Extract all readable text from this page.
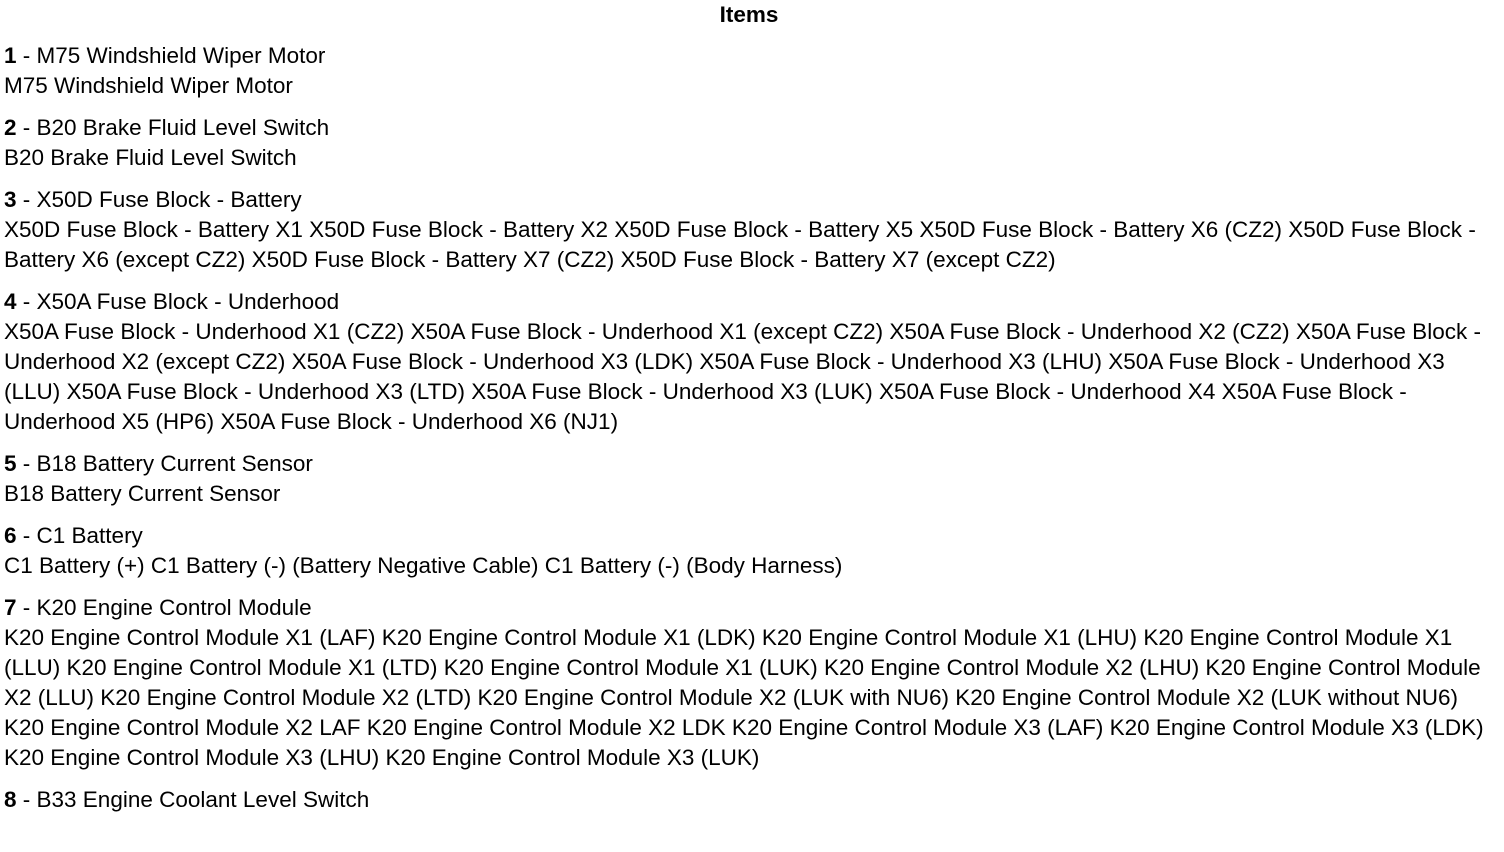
Items
1 - M75 Windshield Wiper Motor
M75 Windshield Wiper Motor
2 - B20 Brake Fluid Level Switch
B20 Brake Fluid Level Switch
3 - X50D Fuse Block - Battery
X50D Fuse Block - Battery X1 X50D Fuse Block - Battery X2 X50D Fuse Block - Battery X5 X50D Fuse Block - Battery X6 (CZ2) X50D Fuse Block - Battery X6 (except CZ2) X50D Fuse Block - Battery X7 (CZ2) X50D Fuse Block - Battery X7 (except CZ2)
4 - X50A Fuse Block - Underhood
X50A Fuse Block - Underhood X1 (CZ2) X50A Fuse Block - Underhood X1 (except CZ2) X50A Fuse Block - Underhood X2 (CZ2) X50A Fuse Block - Underhood X2 (except CZ2) X50A Fuse Block - Underhood X3 (LDK) X50A Fuse Block - Underhood X3 (LHU) X50A Fuse Block - Underhood X3 (LLU) X50A Fuse Block - Underhood X3 (LTD) X50A Fuse Block - Underhood X3 (LUK) X50A Fuse Block - Underhood X4 X50A Fuse Block - Underhood X5 (HP6) X50A Fuse Block - Underhood X6 (NJ1)
5 - B18 Battery Current Sensor
B18 Battery Current Sensor
6 - C1 Battery
C1 Battery (+) C1 Battery (-) (Battery Negative Cable) C1 Battery (-) (Body Harness)
7 - K20 Engine Control Module
K20 Engine Control Module X1 (LAF) K20 Engine Control Module X1 (LDK) K20 Engine Control Module X1 (LHU) K20 Engine Control Module X1 (LLU) K20 Engine Control Module X1 (LTD) K20 Engine Control Module X1 (LUK) K20 Engine Control Module X2 (LHU) K20 Engine Control Module X2 (LLU) K20 Engine Control Module X2 (LTD) K20 Engine Control Module X2 (LUK with NU6) K20 Engine Control Module X2 (LUK without NU6) K20 Engine Control Module X2 LAF K20 Engine Control Module X2 LDK K20 Engine Control Module X3 (LAF) K20 Engine Control Module X3 (LDK) K20 Engine Control Module X3 (LHU) K20 Engine Control Module X3 (LUK)
8 - B33 Engine Coolant Level Switch
